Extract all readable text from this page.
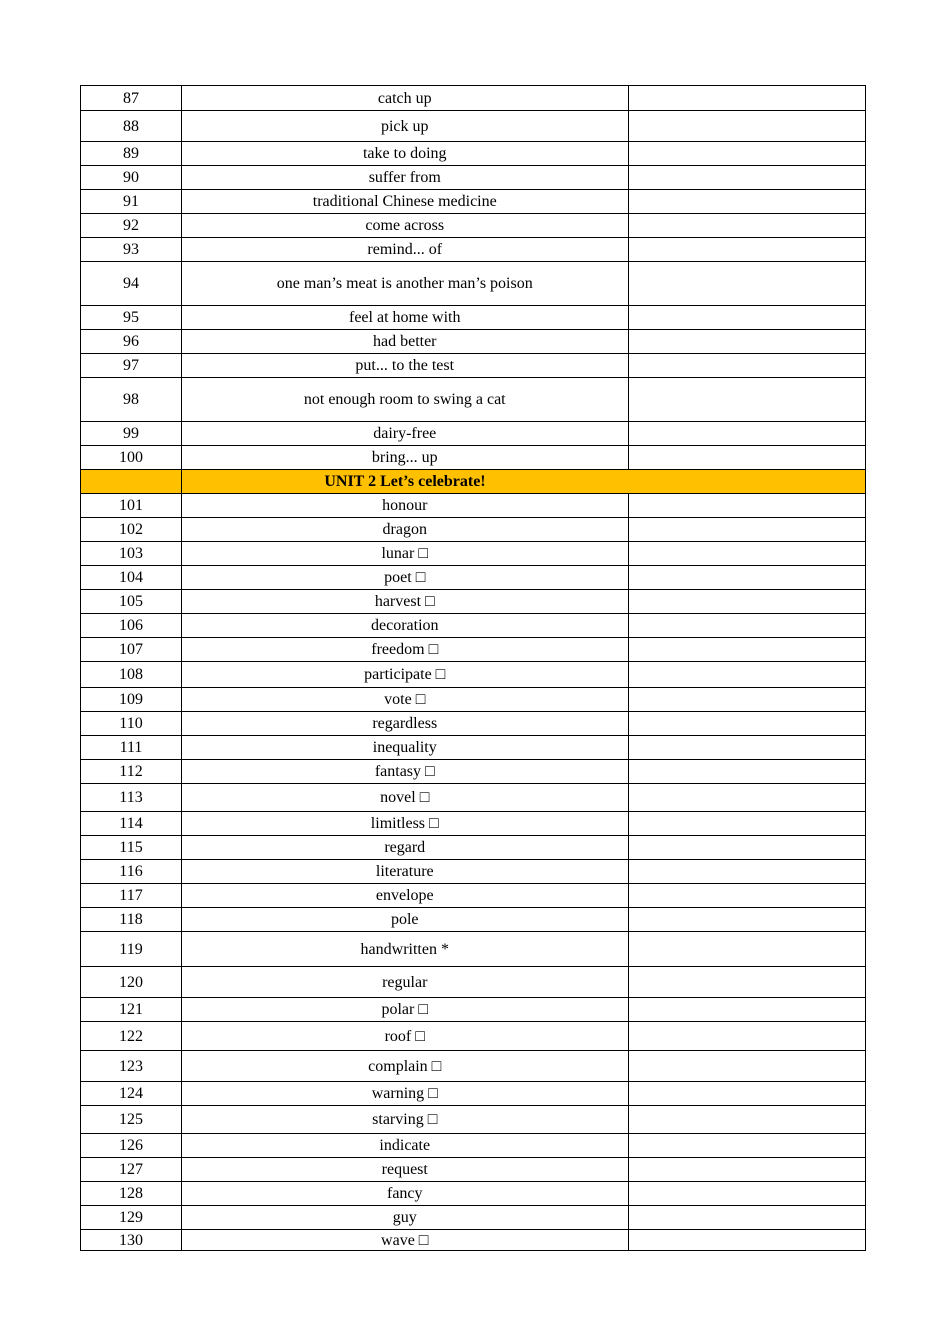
87	catch up	
88	pick up	
89	take to doing	
90	suffer from	
91	traditional Chinese medicine	
92	come across	
93	remind... of	
94	one man’s meat is another man’s poison	
95	feel at home with	
96	had better	
97	put... to the test	
98	not enough room to swing a cat	
99	dairy-free	
100	bring... up	

	UNIT 2 Let’s celebrate!	

101	honour	
102	dragon	
103	lunar □	
104	poet □	
105	harvest □	
106	decoration	
107	freedom □	
108	participate □	
109	vote □	
110	regardless	
111	inequality	
112	fantasy □	
113	novel □	
114	limitless □	
115	regard	
116	literature	
117	envelope	
118	pole	
119	handwritten *	
120	regular	
121	polar □	
122	roof □	
123	complain □	
124	warning □	
125	starving □	
126	indicate	
127	request	
128	fancy	
129	guy	
130	wave □	
